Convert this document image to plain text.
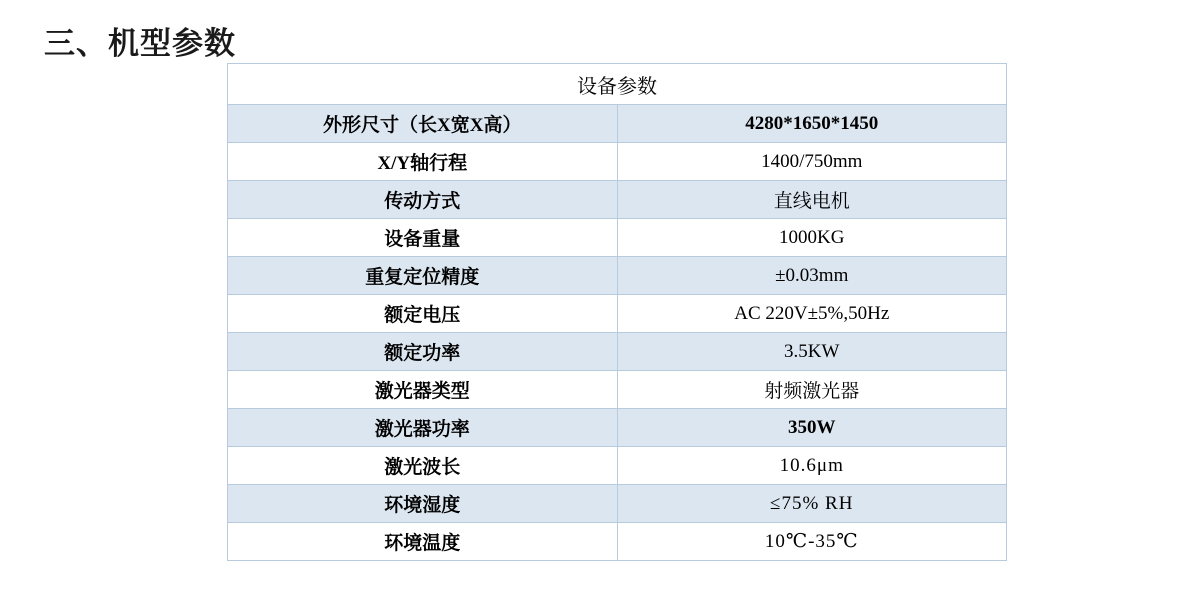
三、机型参数
设备参数	
外形尺寸（长X宽X高）	4280*1650*1450
X/Y轴行程	1400/750mm
传动方式	直线电机
设备重量	1000KG
重复定位精度	±0.03mm
额定电压	AC 220V±5%,50Hz
额定功率	3.5KW
激光器类型	射频激光器
激光器功率	350W
激光波长	10.6μm
环境湿度	≤75% RH
环境温度	10℃-35℃
